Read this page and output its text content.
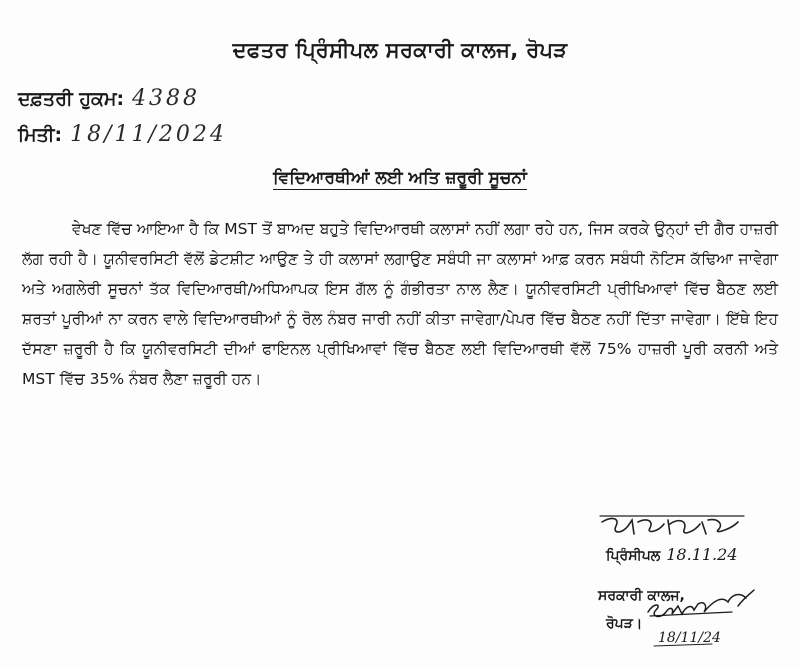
ਦਫਤਰ ਪ੍ਰਿੰਸੀਪਲ ਸਰਕਾਰੀ ਕਾਲਜ, ਰੋਪੜ
ਦਫ਼ਤਰੀ ਹੁਕਮ: 4388
ਮਿਤੀ: 18/11/2024
ਵਿਦਿਆਰਥੀਆਂ ਲਈ ਅਤਿ ਜ਼ਰੂਰੀ ਸੂਚਨਾਂ

ਵੇਖਣ ਵਿੱਚ ਆਇਆ ਹੈ ਕਿ MST ਤੋਂ ਬਾਅਦ ਬਹੁਤੇ ਵਿਦਿਆਰਥੀ ਕਲਾਸਾਂ ਨਹੀਂ ਲਗਾ ਰਹੇ ਹਨ, ਜਿਸ ਕਰਕੇ ਉਨ੍ਹਾਂ ਦੀ ਗੈਰ ਹਾਜ਼ਰੀ ਲੱਗ ਰਹੀ ਹੈ। ਯੂਨੀਵਰਸਿਟੀ ਵੱਲੋਂ ਡੇਟਸ਼ੀਟ ਆਉਣ ਤੇ ਹੀ ਕਲਾਸਾਂ ਲਗਾਉਣ ਸਬੰਧੀ ਜਾ ਕਲਾਸਾਂ ਆਫ਼ ਕਰਨ ਸਬੰਧੀ ਨੋਟਿਸ ਕੱਢਿਆ ਜਾਵੇਗਾ ਅਤੇ ਅਗਲੇਰੀ ਸੂਚਨਾਂ ਤੱਕ ਵਿਦਿਆਰਥੀ/ਅਧਿਆਪਕ ਇਸ ਗੱਲ ਨੂੰ ਗੰਭੀਰਤਾ ਨਾਲ ਲੈਣ। ਯੂਨੀਵਰਸਿਟੀ ਪ੍ਰੀਖਿਆਵਾਂ ਵਿੱਚ ਬੈਠਣ ਲਈ ਸ਼ਰਤਾਂ ਪੂਰੀਆਂ ਨਾ ਕਰਨ ਵਾਲੇ ਵਿਦਿਆਰਥੀਆਂ ਨੂੰ ਰੋਲ ਨੰਬਰ ਜਾਰੀ ਨਹੀਂ ਕੀਤਾ ਜਾਵੇਗਾ/ਪੇਪਰ ਵਿੱਚ ਬੈਠਣ ਨਹੀਂ ਦਿੱਤਾ ਜਾਵੇਗਾ। ਇੱਥੇ ਇਹ ਦੱਸਣਾ ਜ਼ਰੂਰੀ ਹੈ ਕਿ ਯੂਨੀਵਰਸਿਟੀ ਦੀਆਂ ਫਾਇਨਲ ਪ੍ਰੀਖਿਆਵਾਂ ਵਿੱਚ ਬੈਠਣ ਲਈ ਵਿਦਿਆਰਥੀ ਵੱਲੋਂ 75% ਹਾਜ਼ਰੀ ਪੂਰੀ ਕਰਨੀ ਅਤੇ MST ਵਿੱਚ 35% ਨੰਬਰ ਲੈਣਾ ਜ਼ਰੂਰੀ ਹਨ।

ਪ੍ਰਿੰਸੀਪਲ 18.11.24
ਸਰਕਾਰੀ ਕਾਲਜ,
ਰੋਪੜ।
18/11/24
